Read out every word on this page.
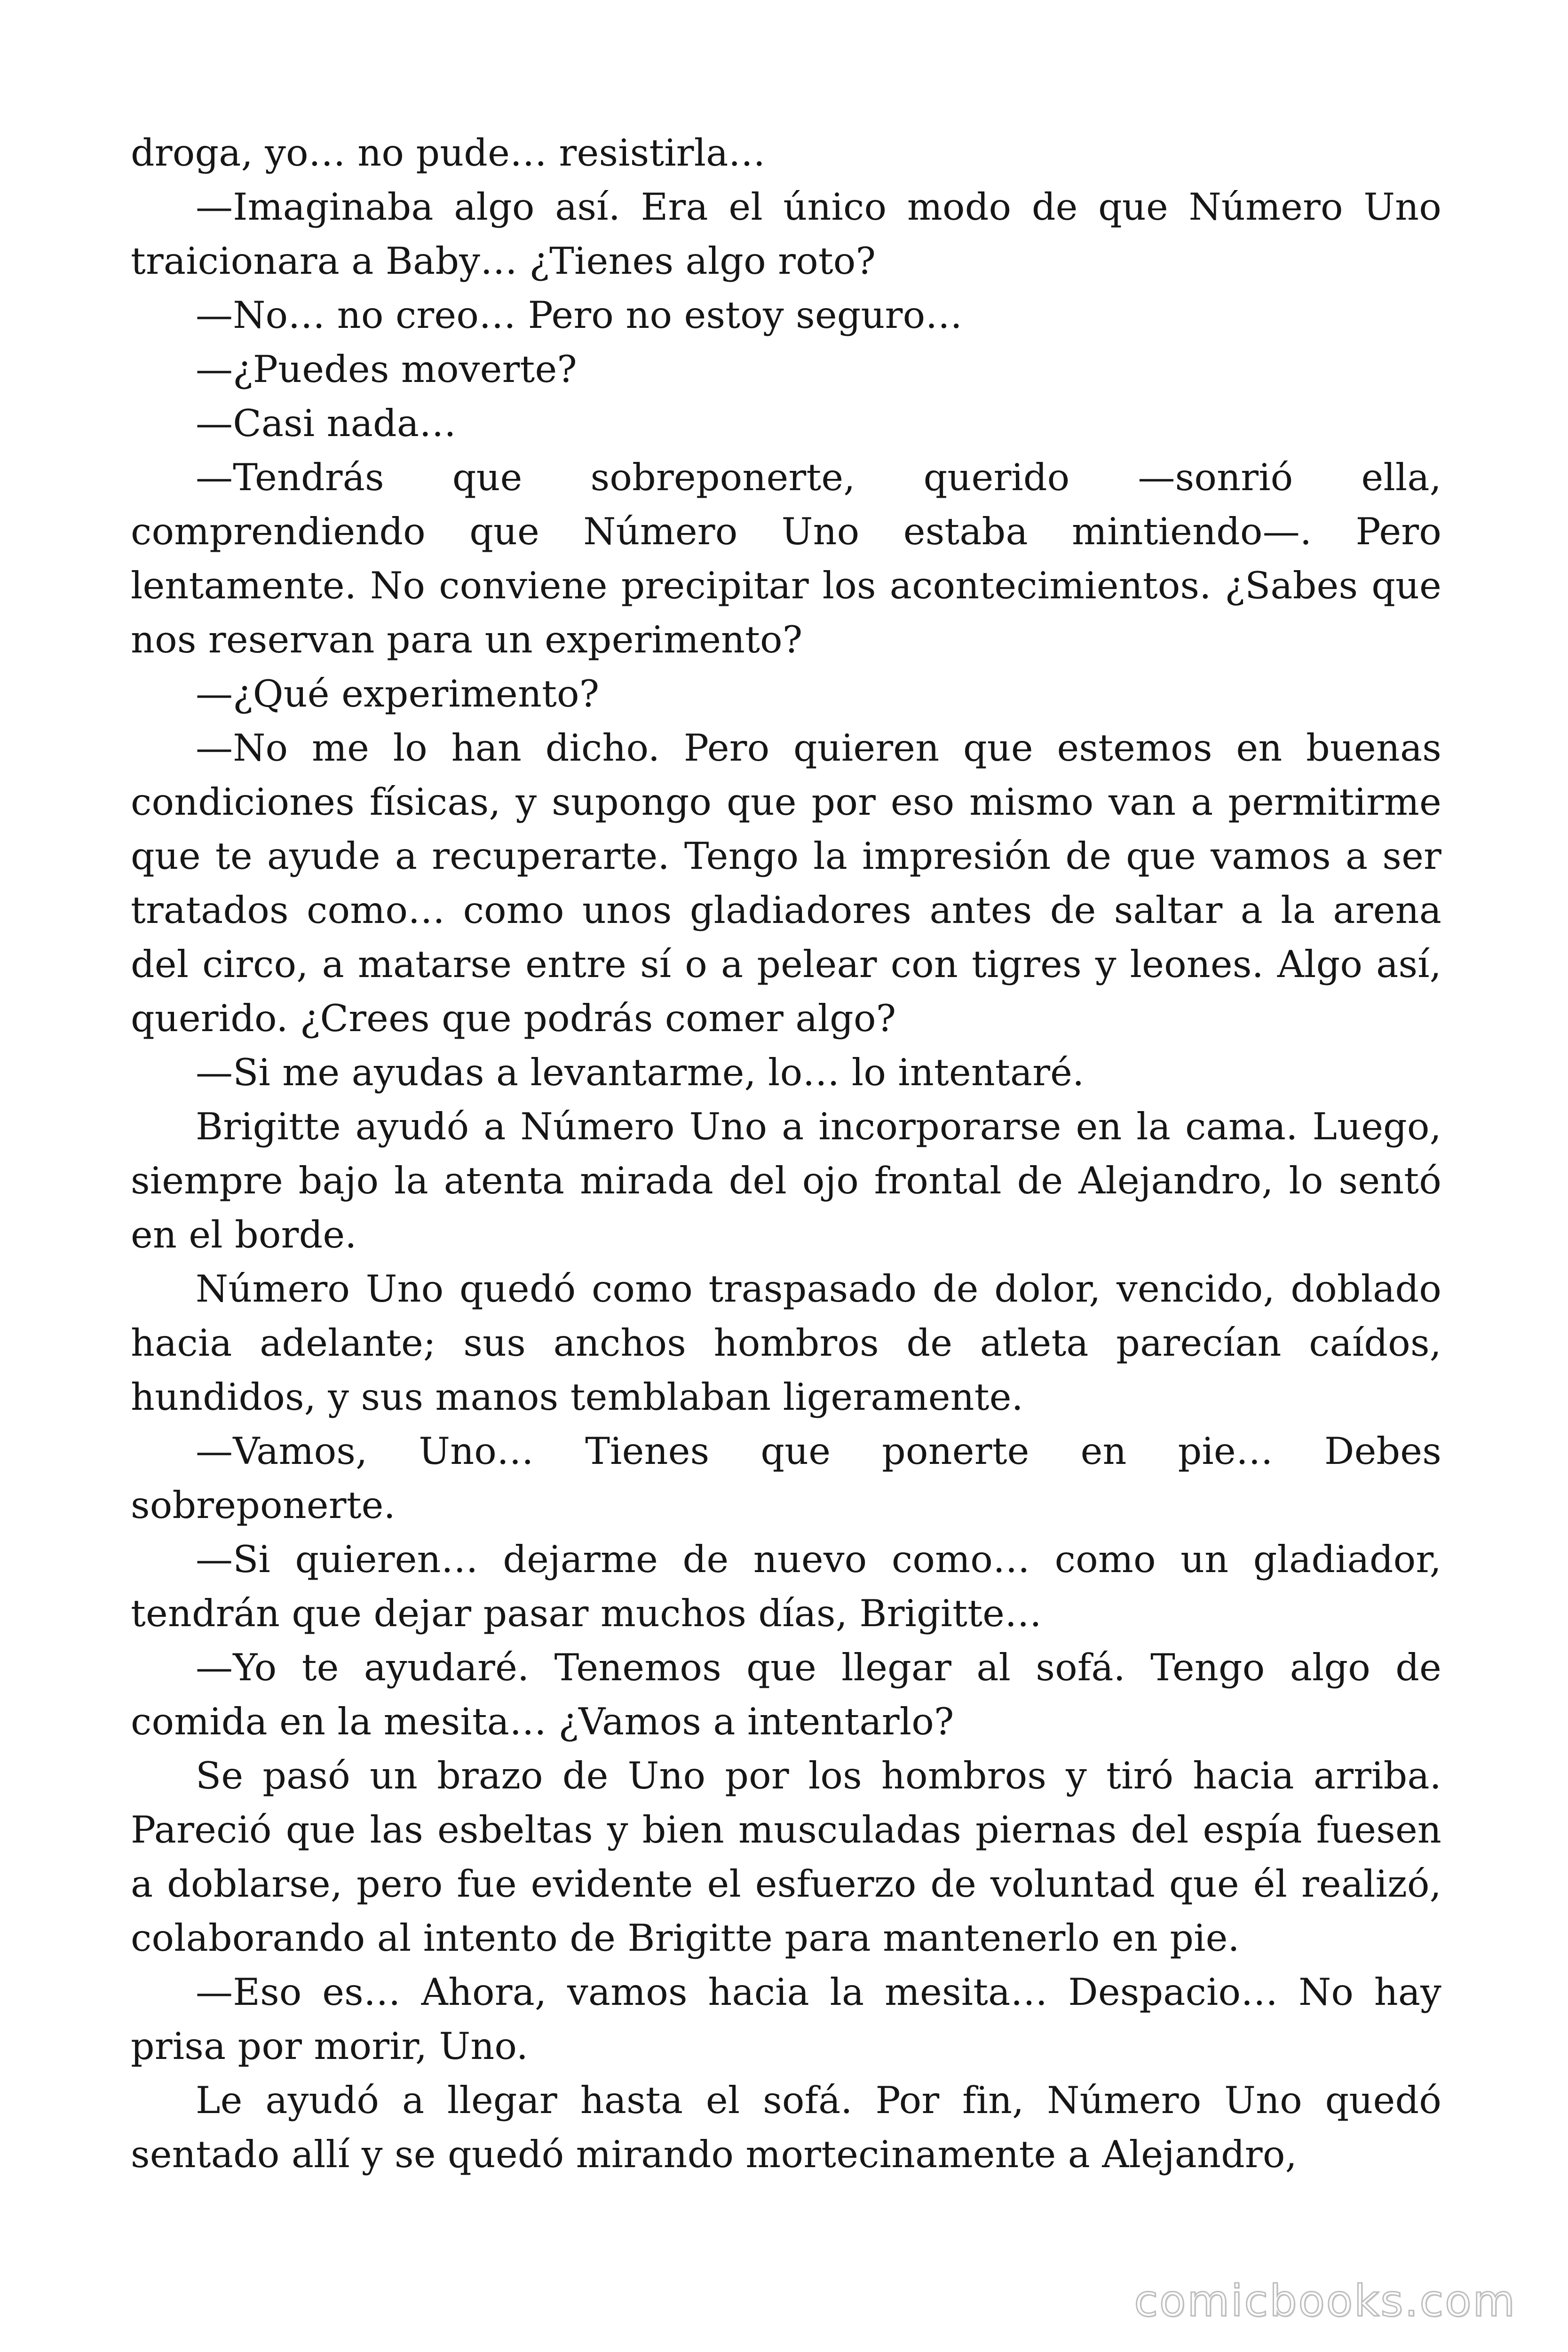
droga, yo… no pude… resistirla…

—Imaginaba algo así. Era el único modo de que Número Uno traicionara a Baby… ¿Tienes algo roto?

—No… no creo… Pero no estoy seguro…

—¿Puedes moverte?

—Casi nada…

—Tendrás que sobreponerte, querido —sonrió ella, comprendiendo que Número Uno estaba mintiendo—. Pero lentamente. No conviene precipitar los acontecimientos. ¿Sabes que nos reservan para un experimento?

—¿Qué experimento?

—No me lo han dicho. Pero quieren que estemos en buenas condiciones físicas, y supongo que por eso mismo van a permitirme que te ayude a recuperarte. Tengo la impresión de que vamos a ser tratados como… como unos gladiadores antes de saltar a la arena del circo, a matarse entre sí o a pelear con tigres y leones. Algo así, querido. ¿Crees que podrás comer algo?

—Si me ayudas a levantarme, lo… lo intentaré.

Brigitte ayudó a Número Uno a incorporarse en la cama. Luego, siempre bajo la atenta mirada del ojo frontal de Alejandro, lo sentó en el borde.

Número Uno quedó como traspasado de dolor, vencido, doblado hacia adelante; sus anchos hombros de atleta parecían caídos, hundidos, y sus manos temblaban ligeramente.

—Vamos, Uno… Tienes que ponerte en pie… Debes sobreponerte.

—Si quieren… dejarme de nuevo como… como un gladiador, tendrán que dejar pasar muchos días, Brigitte…

—Yo te ayudaré. Tenemos que llegar al sofá. Tengo algo de comida en la mesita… ¿Vamos a intentarlo?

Se pasó un brazo de Uno por los hombros y tiró hacia arriba. Pareció que las esbeltas y bien musculadas piernas del espía fuesen a doblarse, pero fue evidente el esfuerzo de voluntad que él realizó, colaborando al intento de Brigitte para mantenerlo en pie.

—Eso es… Ahora, vamos hacia la mesita… Despacio… No hay prisa por morir, Uno.

Le ayudó a llegar hasta el sofá. Por fin, Número Uno quedó sentado allí y se quedó mirando mortecinamente a Alejandro,

comicbooks.com
